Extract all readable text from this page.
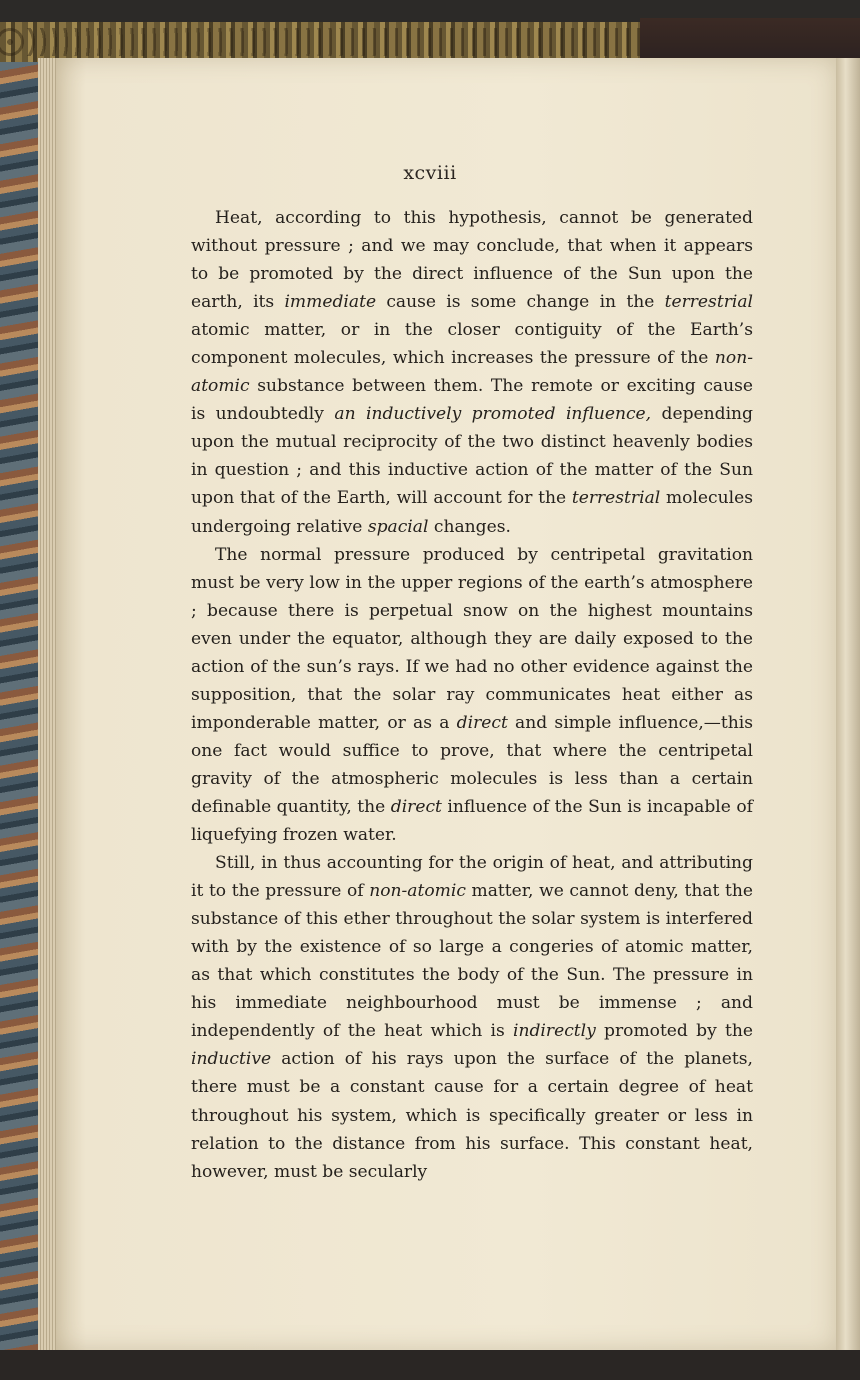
xcviii

Heat, according to this hypothesis, cannot be generated without pressure ; and we may conclude, that when it appears to be promoted by the direct influence of the Sun upon the earth, its immediate cause is some change in the terrestrial atomic matter, or in the closer contiguity of the Earth’s component molecules, which increases the pressure of the non-atomic substance between them. The remote or exciting cause is undoubtedly an inductively promoted influence, depending upon the mutual reciprocity of the two distinct heavenly bodies in question ; and this inductive action of the matter of the Sun upon that of the Earth, will account for the terrestrial molecules undergoing relative spacial changes.

The normal pressure produced by centripetal gravitation must be very low in the upper regions of the earth’s atmosphere ; because there is perpetual snow on the highest mountains even under the equator, although they are daily exposed to the action of the sun’s rays. If we had no other evidence against the supposition, that the solar ray communicates heat either as imponderable matter, or as a direct and simple influence,—this one fact would suffice to prove, that where the centripetal gravity of the atmospheric molecules is less than a certain definable quantity, the direct influence of the Sun is incapable of liquefying frozen water.

Still, in thus accounting for the origin of heat, and attributing it to the pressure of non-atomic matter, we cannot deny, that the substance of this ether throughout the solar system is interfered with by the existence of so large a congeries of atomic matter, as that which constitutes the body of the Sun. The pressure in his immediate neighbourhood must be immense ; and independently of the heat which is indirectly promoted by the inductive action of his rays upon the surface of the planets, there must be a constant cause for a certain degree of heat throughout his system, which is specifically greater or less in relation to the distance from his surface. This constant heat, however, must be secularly
